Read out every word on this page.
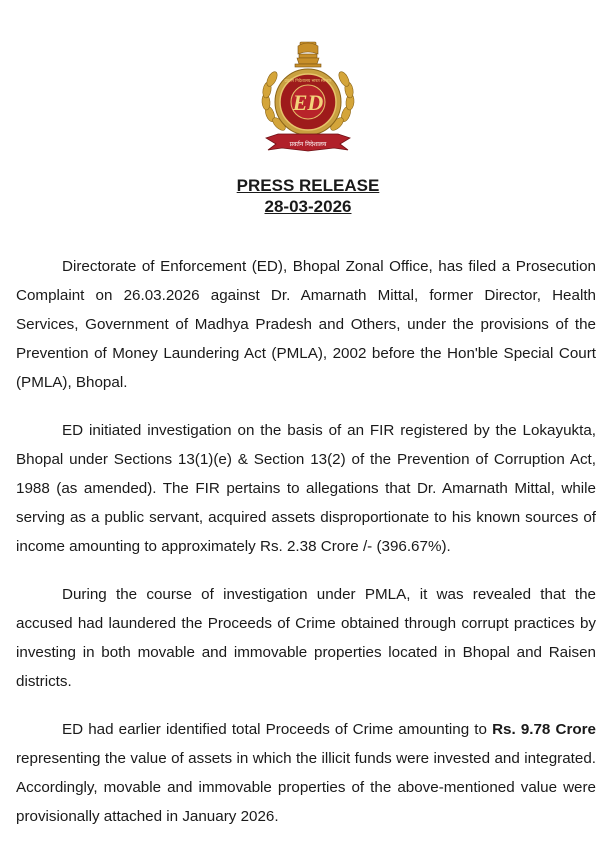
ED
प्रवर्तन निदेशालय भारत सरकार
प्रवर्तन निदेशालय
PRESS RELEASE
28-03-2026

Directorate of Enforcement (ED), Bhopal Zonal Office, has filed a Prosecution Complaint on 26.03.2026 against Dr. Amarnath Mittal, former Director, Health Services, Government of Madhya Pradesh and Others, under the provisions of the Prevention of Money Laundering Act (PMLA), 2002 before the Hon'ble Special Court (PMLA), Bhopal.

ED initiated investigation on the basis of an FIR registered by the Lokayukta, Bhopal under Sections 13(1)(e) & Section 13(2) of the Prevention of Corruption Act, 1988 (as amended). The FIR pertains to allegations that Dr. Amarnath Mittal, while serving as a public servant, acquired assets disproportionate to his known sources of income amounting to approximately Rs. 2.38 Crore /- (396.67%).

During the course of investigation under PMLA, it was revealed that the accused had laundered the Proceeds of Crime obtained through corrupt practices by investing in both movable and immovable properties located in Bhopal and Raisen districts.

ED had earlier identified total Proceeds of Crime amounting to Rs. 9.78 Crore representing the value of assets in which the illicit funds were invested and integrated. Accordingly, movable and immovable properties of the above-mentioned value were provisionally attached in January 2026.
